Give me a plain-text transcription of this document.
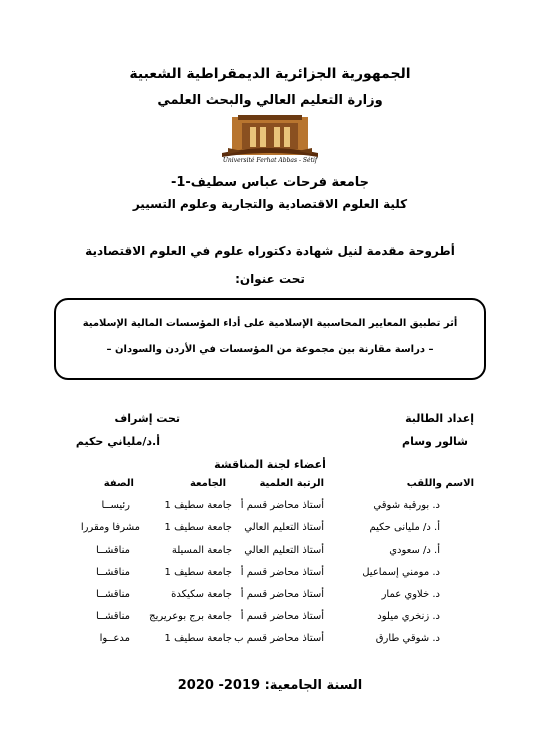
الجمهورية الجزائرية الديمقراطية الشعبية
وزارة التعليم العالي والبحث العلمي
Université Ferhat Abbas - Sétif
جامعة فرحات عباس سطيف-1-
كلية العلوم الاقتصادية والتجارية وعلوم التسيير
أطروحة مقدمة لنيل شهادة دكتوراه علوم في العلوم الاقتصادية
تحت عنوان:
أثر تطبيق المعايير المحاسبية الإسلامية على أداء المؤسسات المالية الإسلامية
– دراسة مقارنة بين مجموعة من المؤسسات في الأردن والسودان –
إعداد الطالبة
شالور وسام
تحت إشراف
أ.د/ملياني حكيم
أعضاء لجنة المناقشة
الاسم واللقب
الرتبة العلمية
الجامعة
الصفة
د. بورقبة شوقي
أستاذ محاضر قسم أ
جامعة سطيف 1
رئيســا
أ. د/ مليانى حكيم
أستاذ التعليم العالي
جامعة سطيف 1
مشرفا ومقررا
أ. د/ سعودي
أستاذ التعليم العالي
جامعة المسيلة
مناقشــا
د. مومني إسماعيل
أستاذ محاضر قسم أ
جامعة سطيف 1
مناقشــا
د. خلاوي عمار
أستاذ محاضر قسم أ
جامعة سكيكدة
مناقشــا
د. زنخري ميلود
أستاذ محاضر قسم أ
جامعة برج بوعريريج
مناقشــا
د. شوقي طارق
أستاذ محاضر قسم ب
جامعة سطيف 1
مدعــوا
السنة الجامعية: 2019- 2020
